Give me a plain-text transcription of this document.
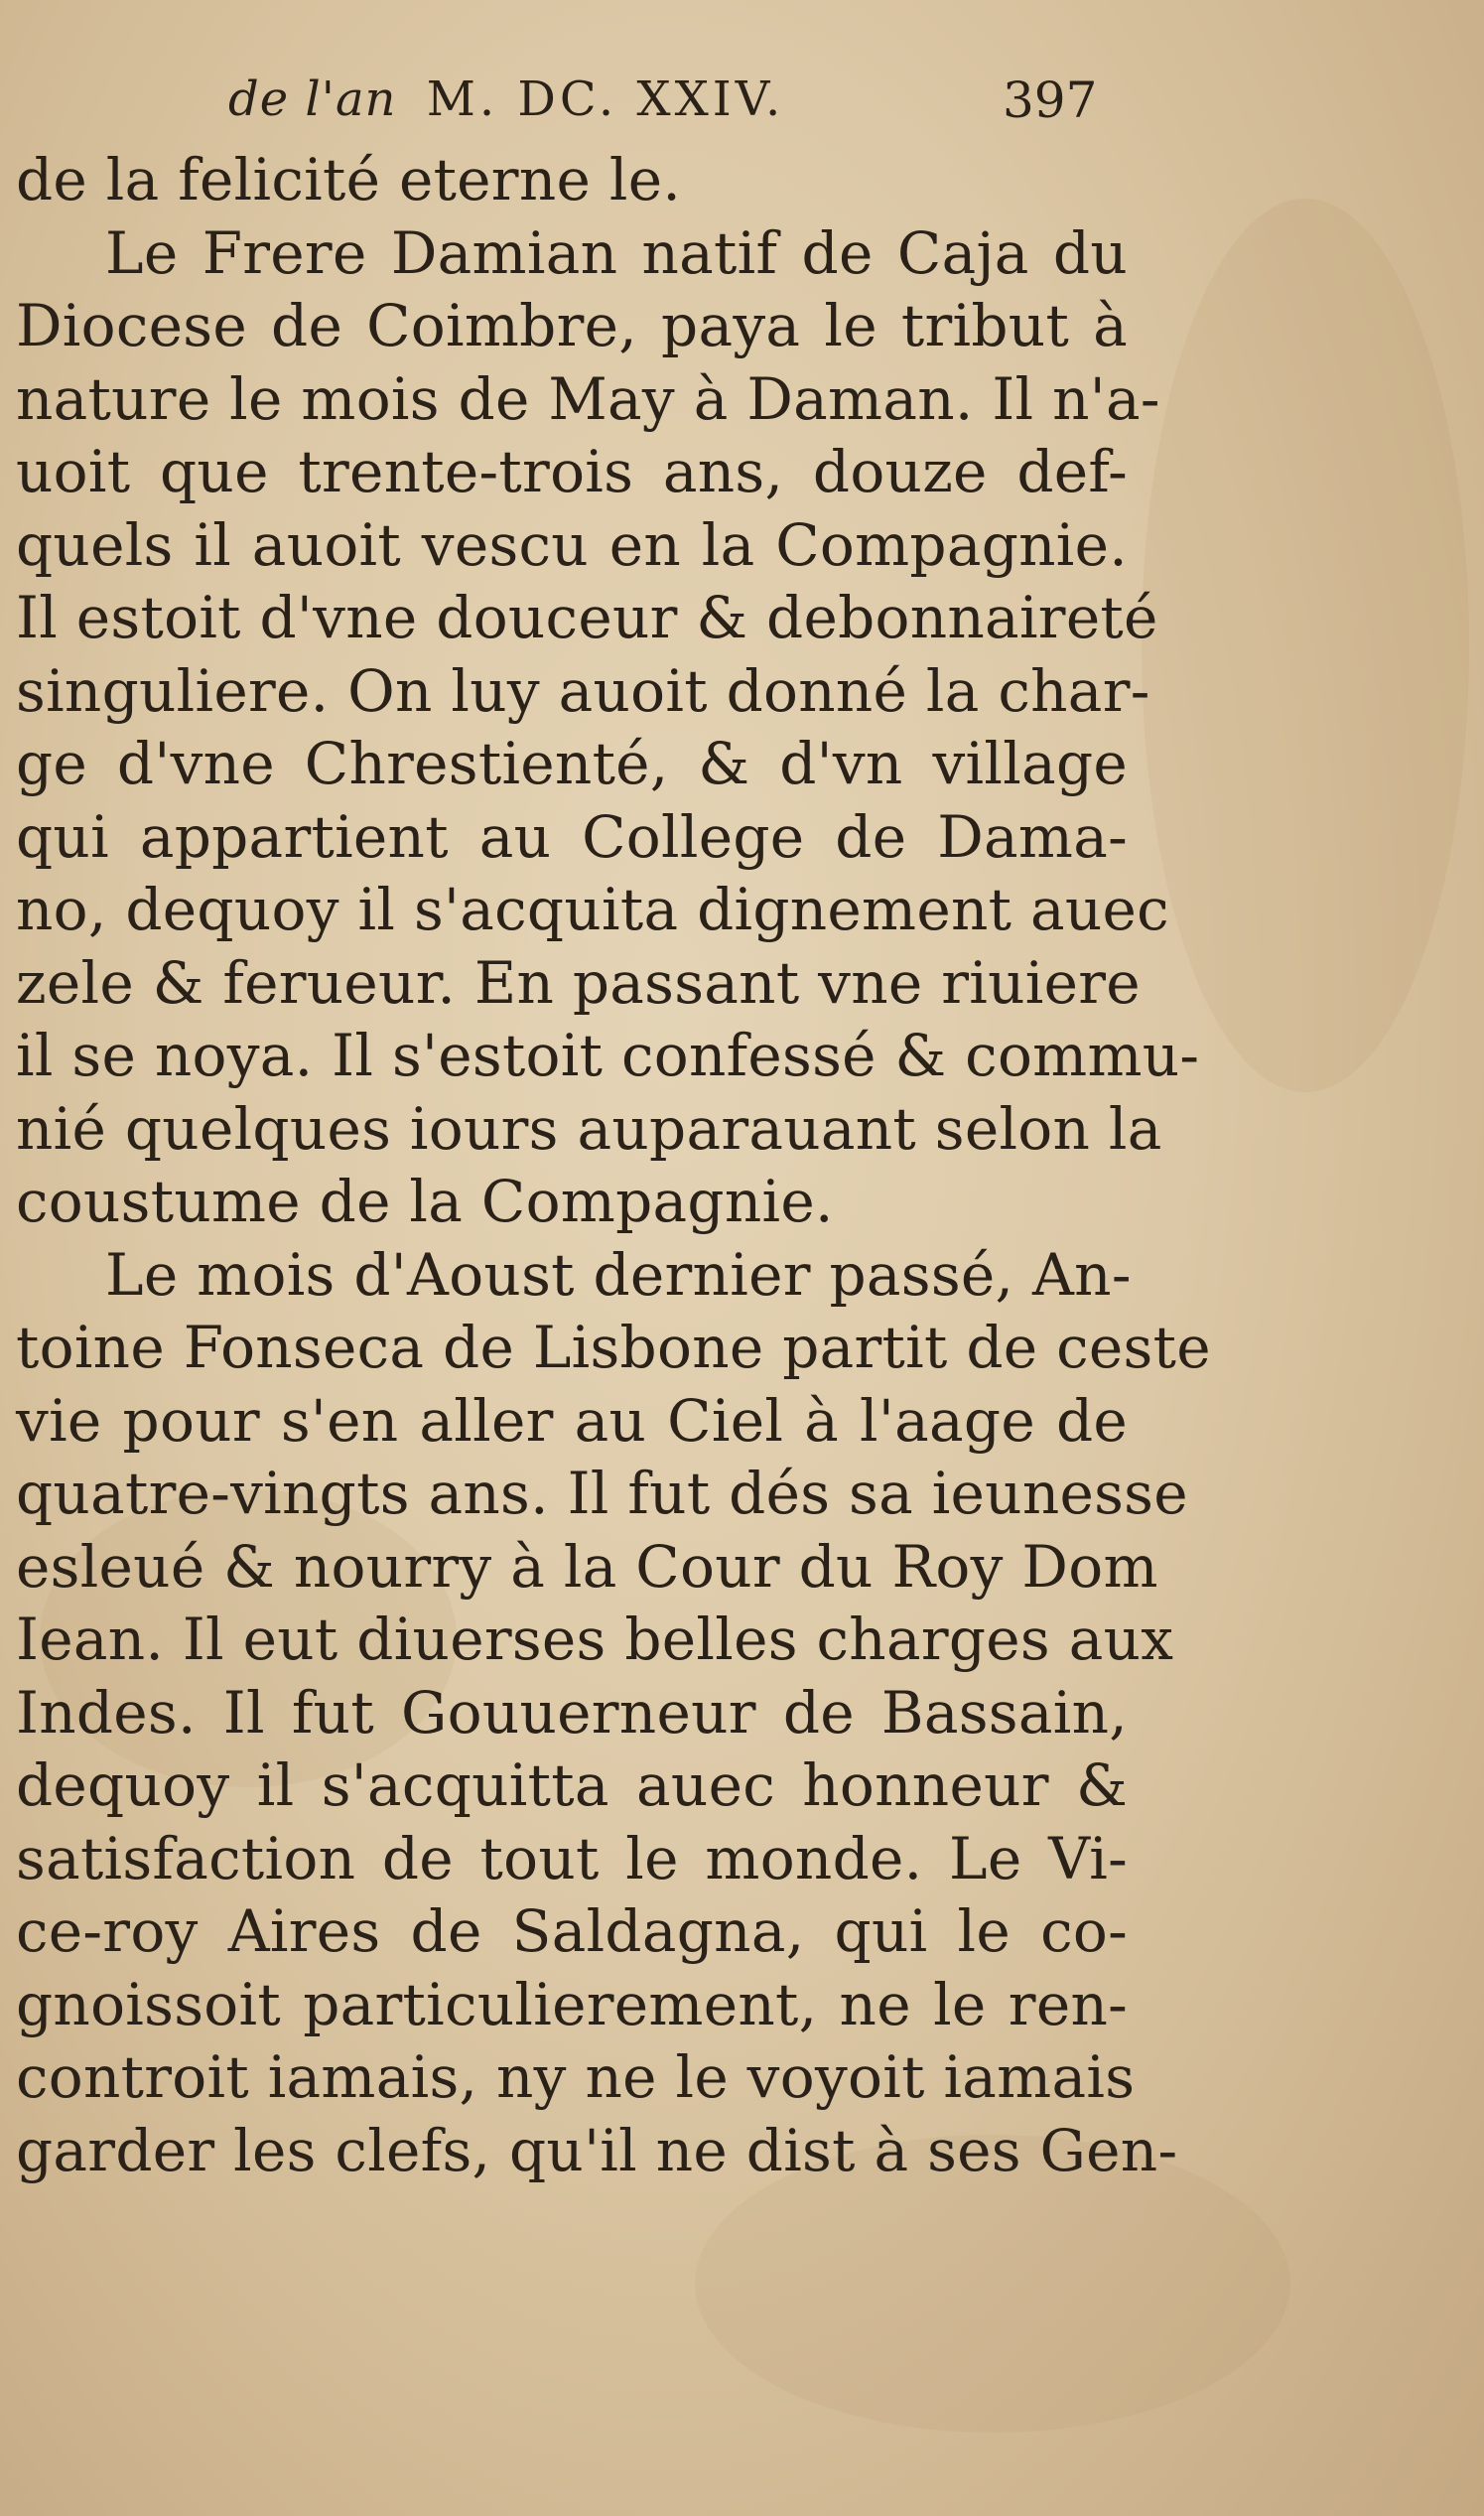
de l'an M. DC. XXIV.	397
de la felicité eterne le.
Le Frere Damian natif de Caja du
Diocese de Coimbre, paya le tribut à
nature le mois de May à Daman. Il n'a-
uoit que trente-trois ans, douze def-
quels il auoit vescu en la Compagnie.
Il estoit d'vne douceur & debonnaireté
singuliere. On luy auoit donné la char-
ge d'vne Chrestienté, & d'vn village
qui appartient au College de Dama-
no, dequoy il s'acquita dignement auec
zele & ferueur. En passant vne riuiere
il se noya. Il s'estoit confessé & commu-
nié quelques iours auparauant selon la
coustume de la Compagnie.
Le mois d'Aoust dernier passé, An-
toine Fonseca de Lisbone partit de ceste
vie pour s'en aller au Ciel à l'aage de
quatre-vingts ans. Il fut dés sa ieunesse
esleué & nourry à la Cour du Roy Dom
Iean. Il eut diuerses belles charges aux
Indes. Il fut Gouuerneur de Bassain,
dequoy il s'acquitta auec honneur &
satisfaction de tout le monde. Le Vi-
ce-roy Aires de Saldagna, qui le co-
gnoissoit particulierement, ne le ren-
controit iamais, ny ne le voyoit iamais
garder les clefs, qu'il ne dist à ses Gen-
